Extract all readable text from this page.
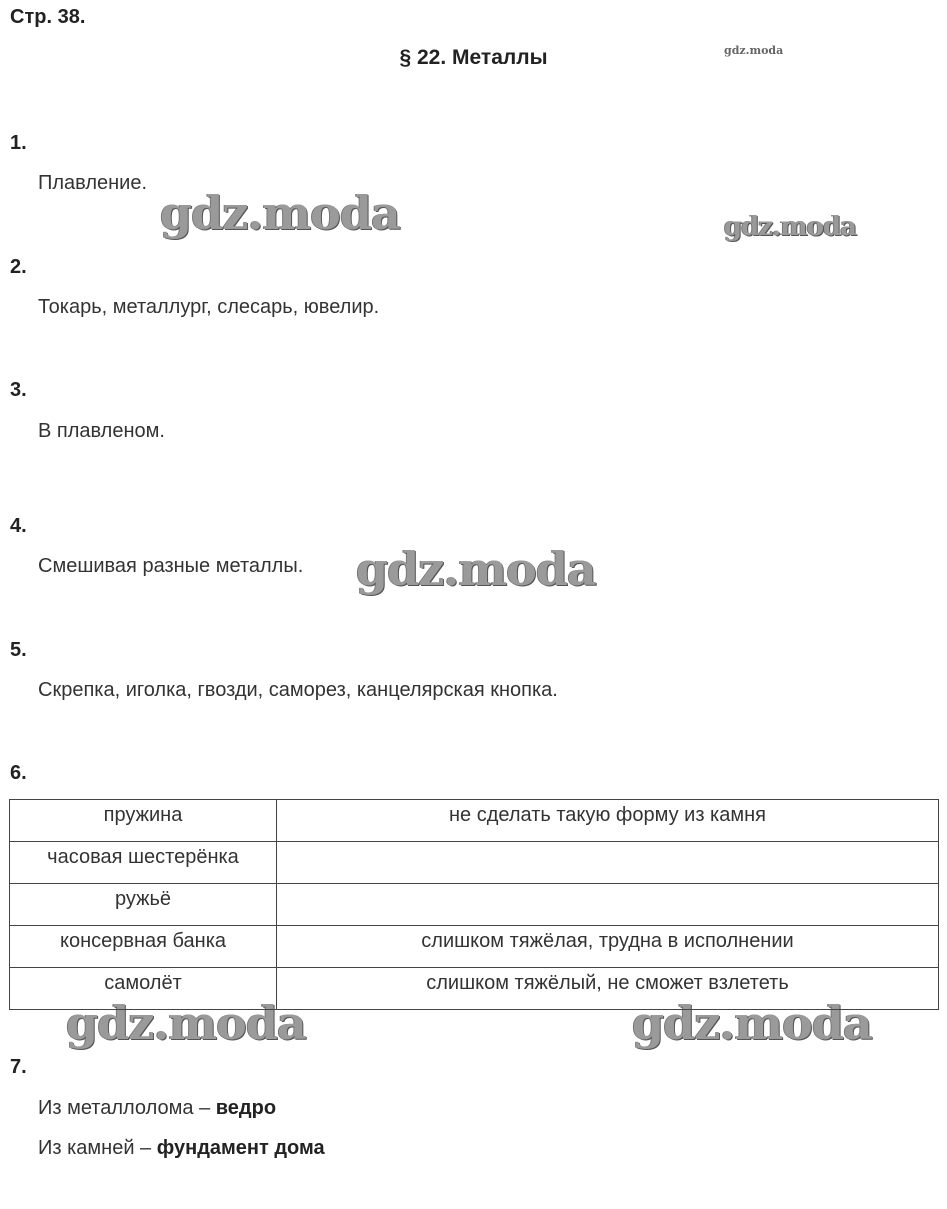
Стр. 38.
§ 22. Металлы	gdz.moda
gdz.moda	gdz.moda
gdz.moda
gdz.moda	gdz.moda
1.
Плавление.
2.
Токарь, металлург, слесарь, ювелир.
3.
В плавленом.
4.
Смешивая разные металлы.
5.
Скрепка, иголка, гвозди, саморез, канцелярская кнопка.
6.
пружина	не сделать такую форму из камня
часовая шестерёнка	
ружьё	
консервная банка	слишком тяжёлая, трудна в исполнении
самолёт	слишком тяжёлый, не сможет взлететь
7.
Из металлолома – ведро
Из камней – фундамент дома
